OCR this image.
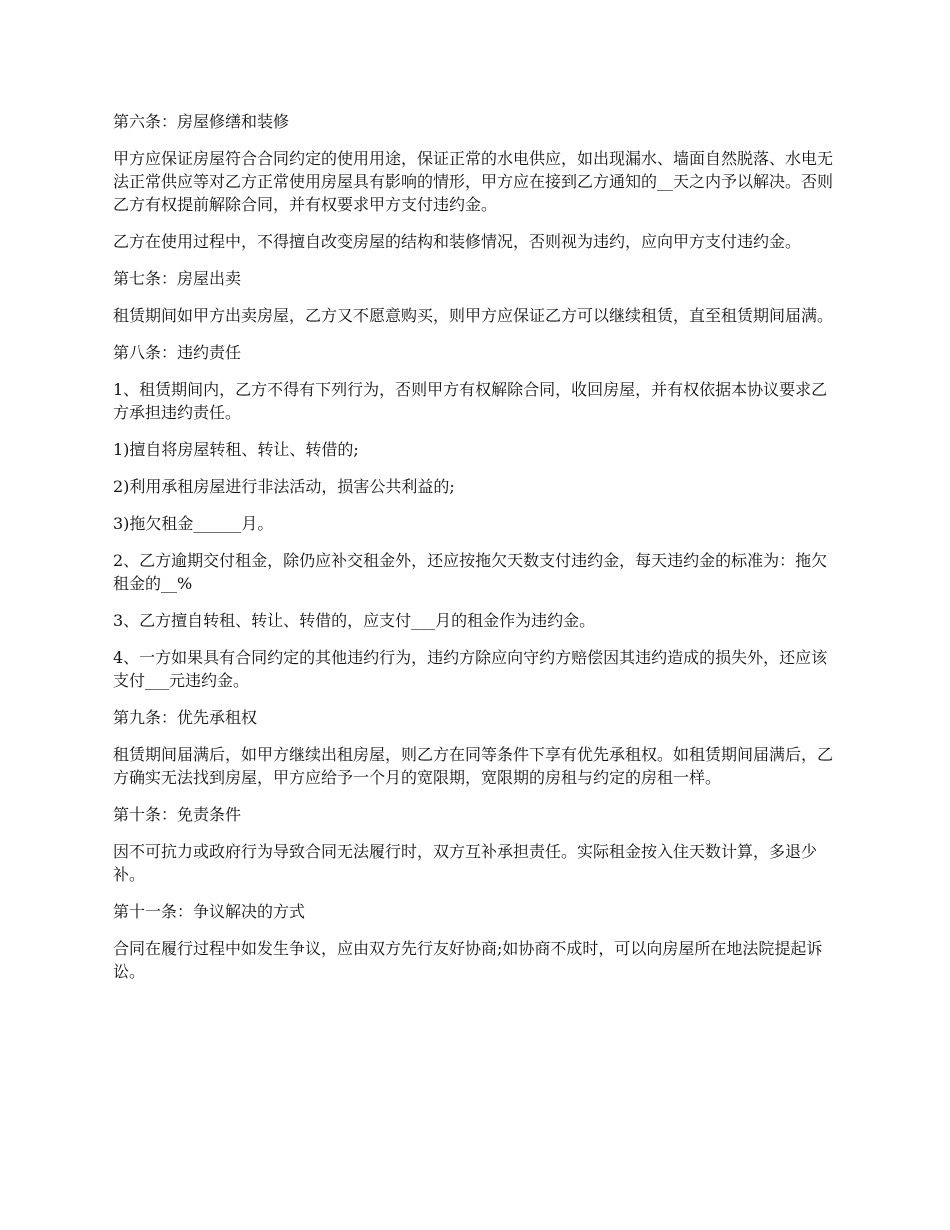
第六条：房屋修缮和装修

甲方应保证房屋符合合同约定的使用用途，保证正常的水电供应，如出现漏水、墙面自然脱落、水电无法正常供应等对乙方正常使用房屋具有影响的情形，甲方应在接到乙方通知的__天之内予以解决。否则乙方有权提前解除合同，并有权要求甲方支付违约金。

乙方在使用过程中，不得擅自改变房屋的结构和装修情况，否则视为违约，应向甲方支付违约金。

第七条：房屋出卖

租赁期间如甲方出卖房屋，乙方又不愿意购买，则甲方应保证乙方可以继续租赁，直至租赁期间届满。

第八条：违约责任

1、租赁期间内，乙方不得有下列行为，否则甲方有权解除合同，收回房屋，并有权依据本协议要求乙方承担违约责任。

1)擅自将房屋转租、转让、转借的;

2)利用承租房屋进行非法活动，损害公共利益的;

3)拖欠租金______月。

2、乙方逾期交付租金，除仍应补交租金外，还应按拖欠天数支付违约金，每天违约金的标准为：拖欠租金的__%

3、乙方擅自转租、转让、转借的，应支付___月的租金作为违约金。

4、一方如果具有合同约定的其他违约行为，违约方除应向守约方赔偿因其违约造成的损失外，还应该支付___元违约金。

第九条：优先承租权

租赁期间届满后，如甲方继续出租房屋，则乙方在同等条件下享有优先承租权。如租赁期间届满后，乙方确实无法找到房屋，甲方应给予一个月的宽限期，宽限期的房租与约定的房租一样。

第十条：免责条件

因不可抗力或政府行为导致合同无法履行时，双方互补承担责任。实际租金按入住天数计算，多退少补。

第十一条：争议解决的方式

合同在履行过程中如发生争议，应由双方先行友好协商;如协商不成时，可以向房屋所在地法院提起诉讼。
